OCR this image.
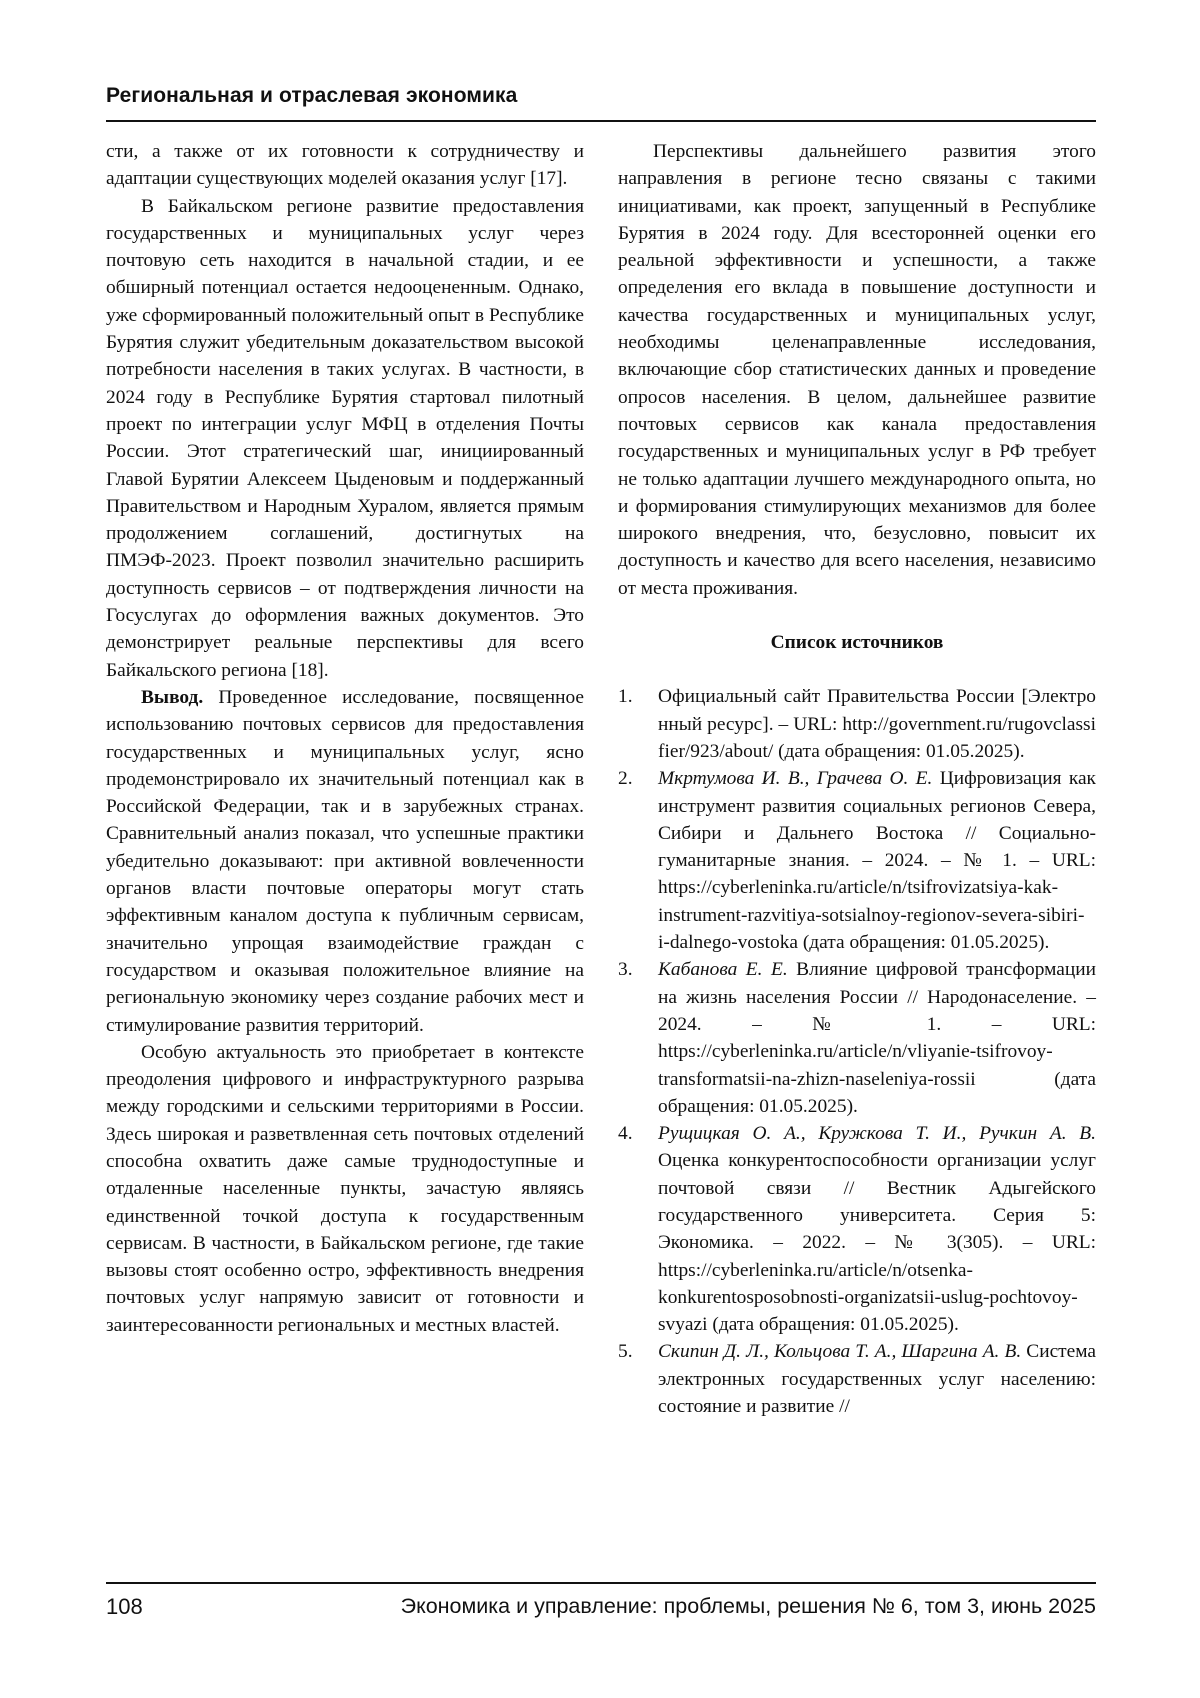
Региональная и отраслевая экономика

сти, а также от их готовности к сотрудничеству и адаптации существующих моделей оказания услуг [17].

В Байкальском регионе развитие предоставления государственных и муниципальных услуг через почтовую сеть находится в начальной стадии, и ее обширный потенциал остается недооцененным. Однако, уже сформированный положительный опыт в Республике Бурятия служит убедительным доказательством высокой потребности населения в таких услугах. В частности, в 2024 году в Республике Бурятия стартовал пилотный проект по интеграции услуг МФЦ в отделения Почты России. Этот стратегический шаг, инициированный Главой Бурятии Алексеем Цыденовым и поддержанный Правительством и Народным Хуралом, является прямым продолжением соглашений, достигнутых на ПМЭФ-2023. Проект позволил значительно расширить доступность сервисов – от подтверждения личности на Госуслугах до оформления важных документов. Это демонстрирует реальные перспективы для всего Байкальского региона [18].

Вывод. Проведенное исследование, посвященное использованию почтовых сервисов для предоставления государственных и муниципальных услуг, ясно продемонстрировало их значительный потенциал как в Российской Федерации, так и в зарубежных странах. Сравнительный анализ показал, что успешные практики убедительно доказывают: при активной вовлеченности органов власти почтовые операторы могут стать эффективным каналом доступа к публичным сервисам, значительно упрощая взаимодействие граждан с государством и оказывая положительное влияние на региональную экономику через создание рабочих мест и стимулирование развития территорий.

Особую актуальность это приобретает в контексте преодоления цифрового и инфраструктурного разрыва между городскими и сельскими территориями в России. Здесь широкая и разветвленная сеть почтовых отделений способна охватить даже самые труднодоступные и отдаленные населенные пункты, зачастую являясь единственной точкой доступа к государственным сервисам. В частности, в Байкальском регионе, где такие вызовы стоят особенно остро, эффективность внедрения почтовых услуг напрямую зависит от готовности и заинтересованности региональных и местных властей.

Перспективы дальнейшего развития этого направления в регионе тесно связаны с такими инициативами, как проект, запущенный в Республике Бурятия в 2024 году. Для всесторонней оценки его реальной эффективности и успешности, а также определения его вклада в повышение доступности и качества государственных и муниципальных услуг, необходимы целенаправленные исследования, включающие сбор статистических данных и проведение опросов населения. В целом, дальнейшее развитие почтовых сервисов как канала предоставления государственных и муниципальных услуг в РФ требует не только адаптации лучшего международного опыта, но и формирования стимулирующих механизмов для более широкого внедрения, что, безусловно, повысит их доступность и качество для всего населения, независимо от места проживания.

Список источников

1. Официальный сайт Правительства России [Электронный ресурс]. – URL: http://government.ru/rugovclassifier/923/about/ (дата обращения: 01.05.2025).

2. Мкртумова И. В., Грачева О. Е. Цифровизация как инструмент развития социальных регионов Севера, Сибири и Дальнего Востока // Социально-гуманитарные знания. – 2024. – № 1. – URL: https://cyberleninka.ru/article/n/tsifrovizatsiya-kak-instrument-razvitiya-sotsialnoy-regionov-severa-sibiri-i-dalnego-vostoka (дата обращения: 01.05.2025).

3. Кабанова Е. Е. Влияние цифровой трансформации на жизнь населения России // Народонаселение. – 2024. – № 1. – URL: https://cyberleninka.ru/article/n/vliyanie-tsifrovoy-transformatsii-na-zhizn-naseleniya-rossii (дата обращения: 01.05.2025).

4. Рущицкая О. А., Кружкова Т. И., Ручкин А. В. Оценка конкурентоспособности организации услуг почтовой связи // Вестник Адыгейского государственного университета. Серия 5: Экономика. – 2022. – № 3(305). – URL: https://cyberleninka.ru/article/n/otsenka-konkurentosposobnosti-organizatsii-uslug-pochtovoy-svyazi (дата обращения: 01.05.2025).

5. Скипин Д. Л., Кольцова Т. А., Шаргина А. В. Система электронных государственных услуг населению: состояние и развитие //

108	Экономика и управление: проблемы, решения № 6, том 3, июнь 2025
